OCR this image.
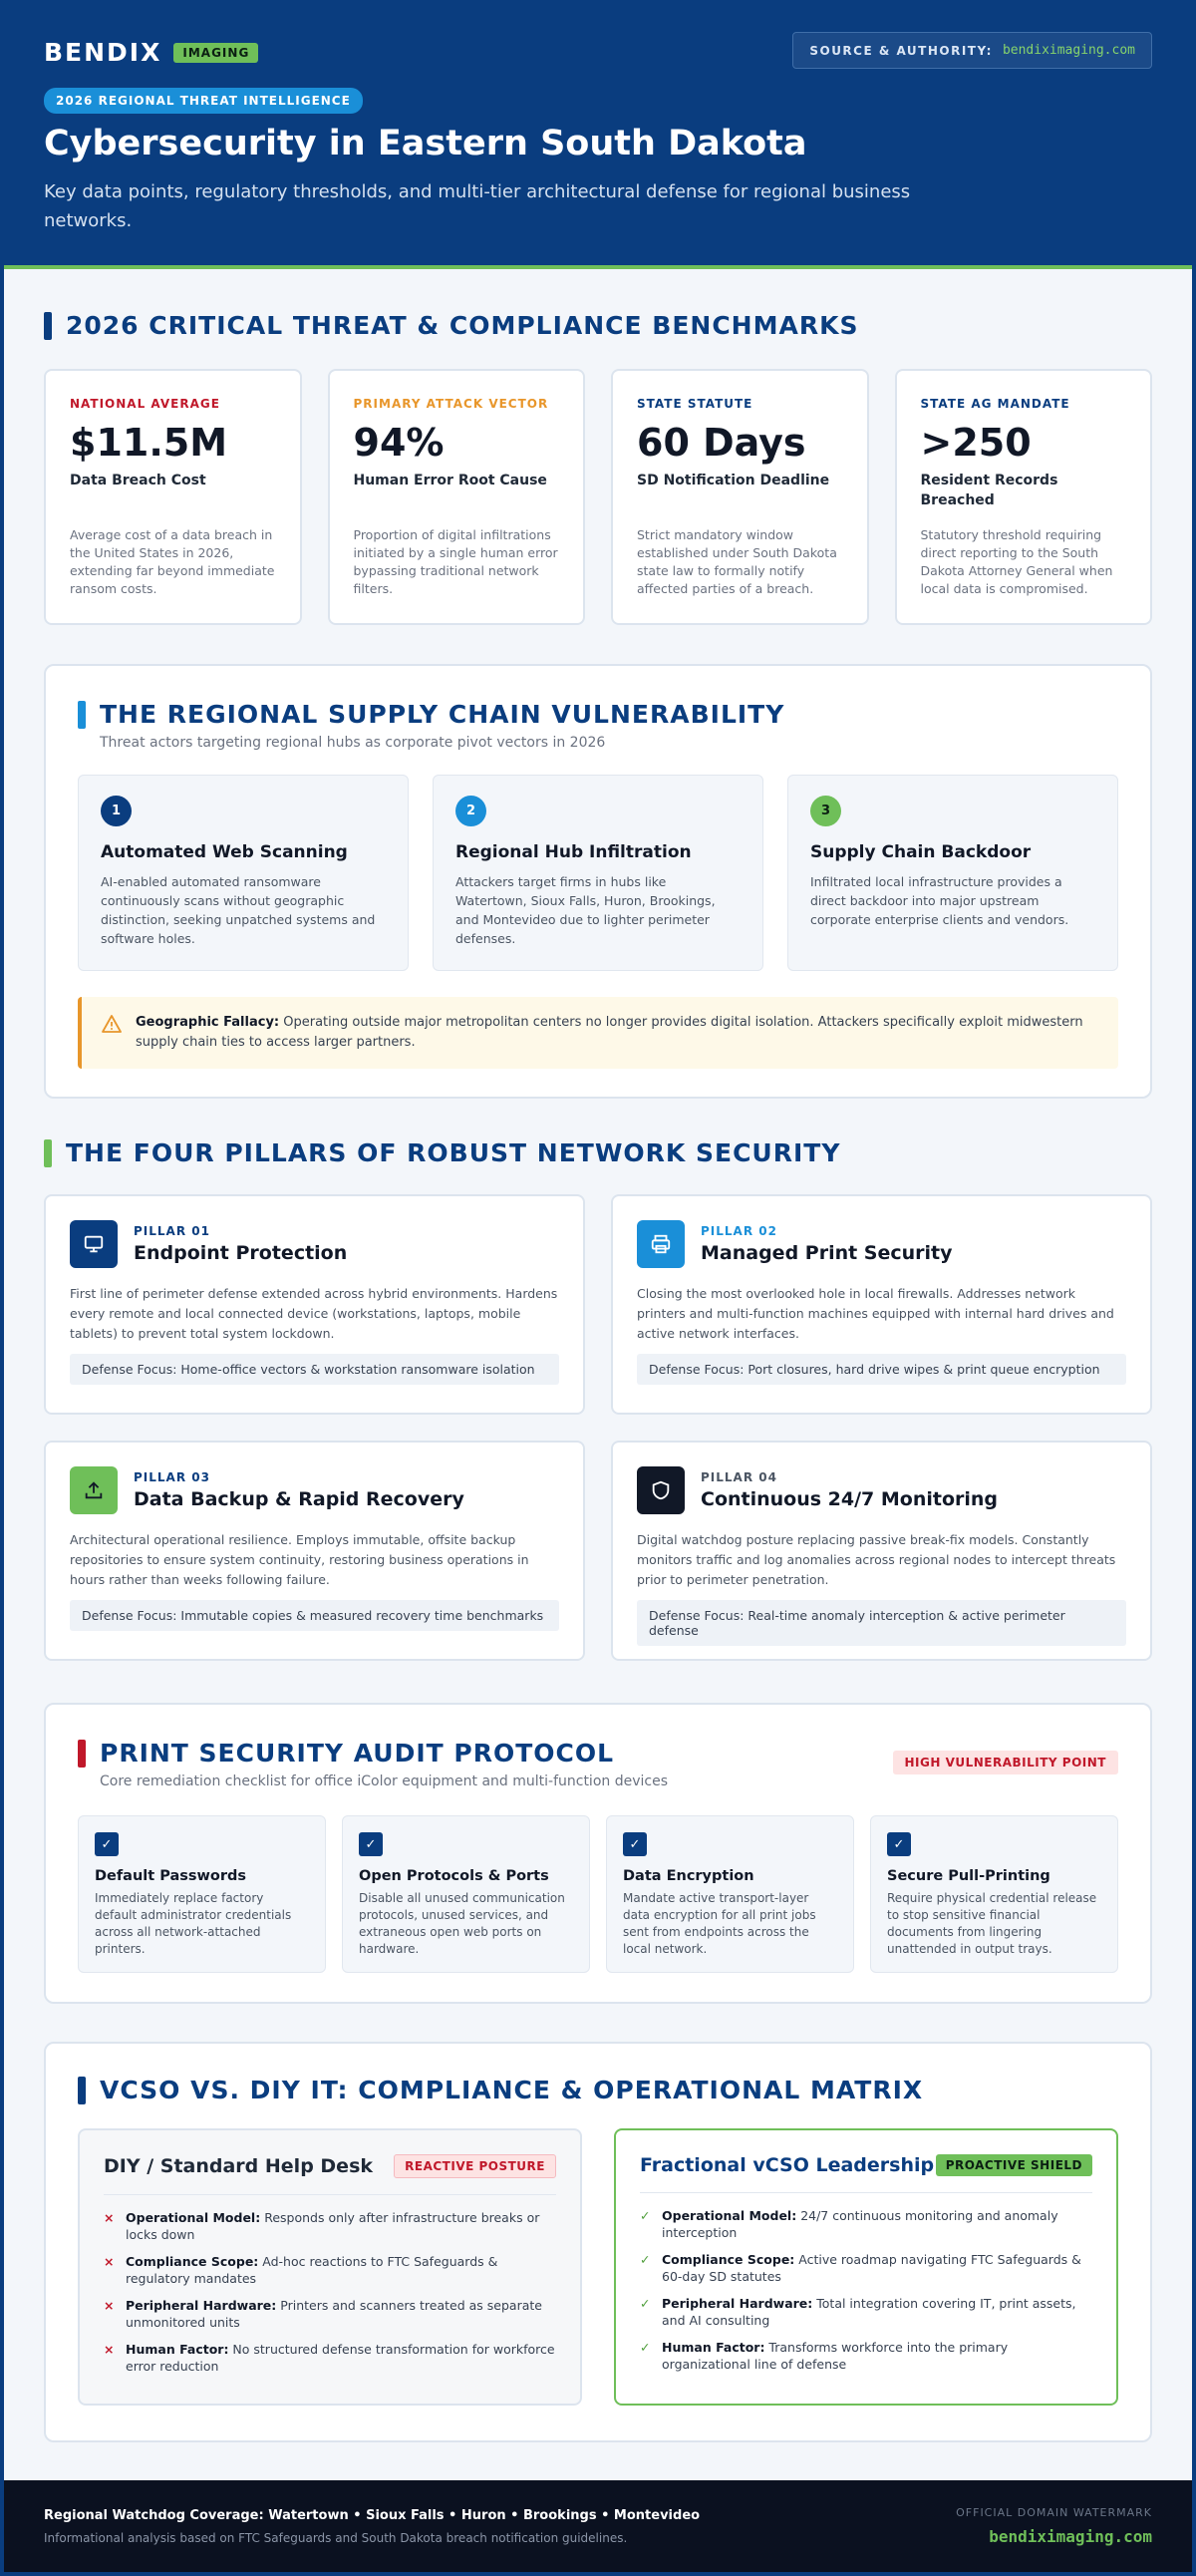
BENDIX	IMAGING	SOURCE & AUTHORITY: bendiximaging.com
2026 REGIONAL THREAT INTELLIGENCE
Cybersecurity in Eastern South Dakota

Key data points, regulatory thresholds, and multi-tier architectural defense for regional business networks.

2026 CRITICAL THREAT & COMPLIANCE BENCHMARKS
NATIONAL AVERAGE
$11.5M
Data Breach Cost
Average cost of a data breach in the United States in 2026, extending far beyond immediate ransom costs.
PRIMARY ATTACK VECTOR
94%
Human Error Root Cause
Proportion of digital infiltrations initiated by a single human error bypassing traditional network filters.
STATE STATUTE
60 Days
SD Notification Deadline
Strict mandatory window established under South Dakota state law to formally notify affected parties of a breach.
STATE AG MANDATE
>250
Resident Records Breached
Statutory threshold requiring direct reporting to the South Dakota Attorney General when local data is compromised.
THE REGIONAL SUPPLY CHAIN VULNERABILITY

Threat actors targeting regional hubs as corporate pivot vectors in 2026

1
Automated Web Scanning
AI-enabled automated ransomware continuously scans without geographic distinction, seeking unpatched systems and software holes.
2
Regional Hub Infiltration
Attackers target firms in hubs like Watertown, Sioux Falls, Huron, Brookings, and Montevideo due to lighter perimeter defenses.
3
Supply Chain Backdoor
Infiltrated local infrastructure provides a direct backdoor into major upstream corporate enterprise clients and vendors.

Geographic Fallacy: Operating outside major metropolitan centers no longer provides digital isolation. Attackers specifically exploit midwestern supply chain ties to access larger partners.

THE FOUR PILLARS OF ROBUST NETWORK SECURITY
PILLAR 01
Endpoint Protection

First line of perimeter defense extended across hybrid environments. Hardens every remote and local connected device (workstations, laptops, mobile tablets) to prevent total system lockdown.

Defense Focus: Home-office vectors & workstation ransomware isolation
PILLAR 02
Managed Print Security

Closing the most overlooked hole in local firewalls. Addresses network printers and multi-function machines equipped with internal hard drives and active network interfaces.

Defense Focus: Port closures, hard drive wipes & print queue encryption
PILLAR 03
Data Backup & Rapid Recovery

Architectural operational resilience. Employs immutable, offsite backup repositories to ensure system continuity, restoring business operations in hours rather than weeks following failure.

Defense Focus: Immutable copies & measured recovery time benchmarks
PILLAR 04
Continuous 24/7 Monitoring

Digital watchdog posture replacing passive break-fix models. Constantly monitors traffic and log anomalies across regional nodes to intercept threats prior to perimeter penetration.

Defense Focus: Real-time anomaly interception & active perimeter defense
PRINT SECURITY AUDIT PROTOCOL

Core remediation checklist for office iColor equipment and multi-function devices

HIGH VULNERABILITY POINT
✓
Default Passwords
Immediately replace factory default administrator credentials across all network-attached printers.
✓
Open Protocols & Ports
Disable all unused communication protocols, unused services, and extraneous open web ports on hardware.
✓
Data Encryption
Mandate active transport-layer data encryption for all print jobs sent from endpoints across the local network.
✓
Secure Pull-Printing
Require physical credential release to stop sensitive financial documents from lingering unattended in output trays.
VCSO VS. DIY IT: COMPLIANCE & OPERATIONAL MATRIX
DIY / Standard Help Desk	REACTIVE POSTURE
× Operational Model: Responds only after infrastructure breaks or locks down
× Compliance Scope: Ad-hoc reactions to FTC Safeguards & regulatory mandates
× Peripheral Hardware: Printers and scanners treated as separate unmonitored units
× Human Factor: No structured defense transformation for workforce error reduction
Fractional vCSO Leadership PROACTIVE SHIELD
✓ Operational Model: 24/7 continuous monitoring and anomaly interception
✓ Compliance Scope: Active roadmap navigating FTC Safeguards & 60-day SD statutes
✓ Peripheral Hardware: Total integration covering IT, print assets, and AI consulting
✓ Human Factor: Transforms workforce into the primary organizational line of defense
Regional Watchdog Coverage: Watertown • Sioux Falls • Huron • Brookings • Montevideo
Informational analysis based on FTC Safeguards and South Dakota breach notification guidelines.
OFFICIAL DOMAIN WATERMARK
bendiximaging.com
